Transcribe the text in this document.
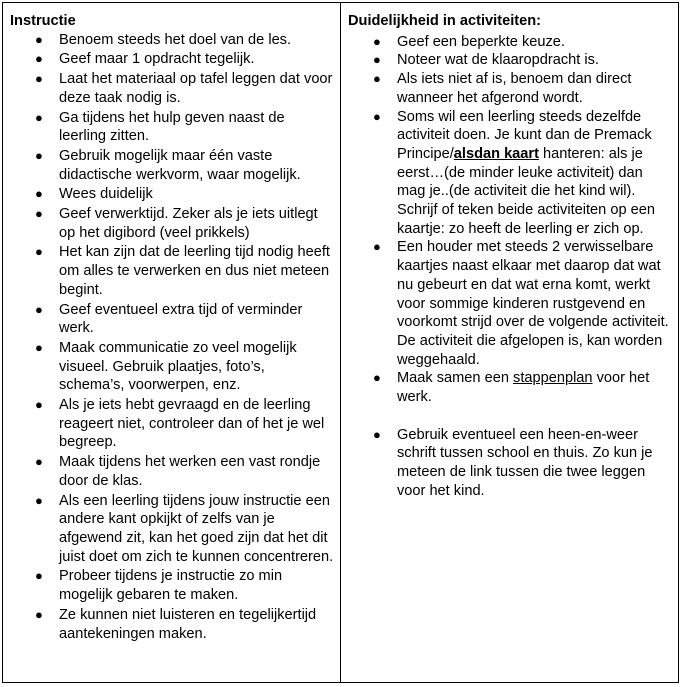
Instructie

● Benoem steeds het doel van de les.
● Geef maar 1 opdracht tegelijk.
● Laat het materiaal op tafel leggen dat voor deze taak nodig is.
● Ga tijdens het hulp geven naast de leerling zitten.
● Gebruik mogelijk maar één vaste didactische werkvorm, waar mogelijk.
● Wees duidelijk
● Geef verwerktijd. Zeker als je iets uitlegt op het digibord (veel prikkels)
● Het kan zijn dat de leerling tijd nodig heeft om alles te verwerken en dus niet meteen begint.
● Geef eventueel extra tijd of verminder werk.
● Maak communicatie zo veel mogelijk visueel. Gebruik plaatjes, foto’s, schema’s, voorwerpen, enz.
● Als je iets hebt gevraagd en de leerling reageert niet, controleer dan of het je wel begreep.
● Maak tijdens het werken een vast rondje door de klas.
● Als een leerling tijdens jouw instructie een andere kant opkijkt of zelfs van je afgewend zit, kan het goed zijn dat het dit juist doet om zich te kunnen concentreren.
● Probeer tijdens je instructie zo min mogelijk gebaren te maken.
● Ze kunnen niet luisteren en tegelijkertijd aantekeningen maken.

Duidelijkheid in activiteiten:

● Geef een beperkte keuze.
● Noteer wat de klaaropdracht is.
● Als iets niet af is, benoem dan direct wanneer het afgerond wordt.
● Soms wil een leerling steeds dezelfde activiteit doen. Je kunt dan de Premack Principe/alsdan kaart hanteren: als je eerst…(de minder leuke activiteit) dan mag je..(de activiteit die het kind wil). Schrijf of teken beide activiteiten op een kaartje: zo heeft de leerling er zich op.
● Een houder met steeds 2 verwisselbare kaartjes naast elkaar met daarop dat wat nu gebeurt en dat wat erna komt, werkt voor sommige kinderen rustgevend en voorkomt strijd over de volgende activiteit. De activiteit die afgelopen is, kan worden weggehaald.
● Maak samen een stappenplan voor het werk.
● Gebruik eventueel een heen-en-weer schrift tussen school en thuis. Zo kun je meteen de link tussen die twee leggen voor het kind.
